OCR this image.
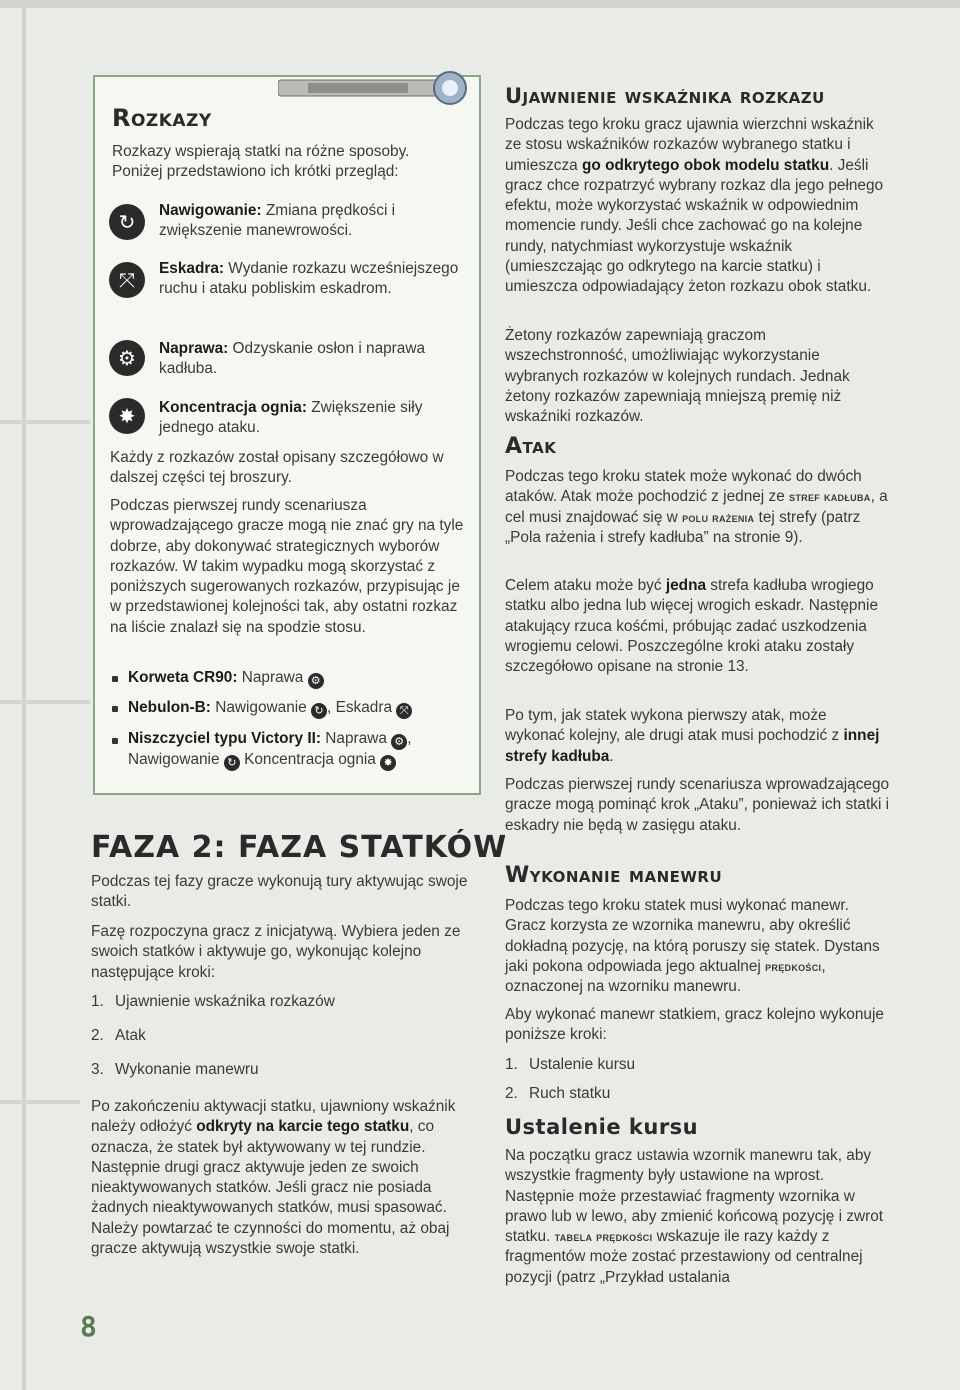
Rozkazy
Rozkazy wspierają statki na różne sposoby. Poniżej przedstawiono ich krótki przegląd:
↻	Nawigowanie: Zmiana prędkości i zwiększenie manewrowości.
⤧	Eskadra: Wydanie rozkazu wcześniejszego ruchu i ataku pobliskim eskadrom.
⚙	Naprawa: Odzyskanie osłon i naprawa kadłuba.
✸	Koncentracja ognia: Zwiększenie siły jednego ataku.
Każdy z rozkazów został opisany szczegółowo w dalszej części tej broszury.
Podczas pierwszej rundy scenariusza wprowadzającego gracze mogą nie znać gry na tyle dobrze, aby dokonywać strategicznych wyborów rozkazów. W takim wypadku mogą skorzystać z poniższych sugerowanych rozkazów, przypisując je w przedstawionej kolejności tak, aby ostatni rozkaz na liście znalazł się na spodzie stosu.
Korweta CR90: Naprawa ⚙
Nebulon-B: Nawigowanie ↻ , Eskadra ⤧
Niszczyciel typu Victory II: Naprawa ⚙ , Nawigowanie ↻ Koncentracja ognia ✸
FAZA 2: FAZA STATKÓW
Podczas tej fazy gracze wykonują tury aktywując swoje statki.
Fazę rozpoczyna gracz z inicjatywą. Wybiera jeden ze swoich statków i aktywuje go, wykonując kolejno następujące kroki:
1. Ujawnienie wskaźnika rozkazów
2. Atak
3. Wykonanie manewru
Po zakończeniu aktywacji statku, ujawniony wskaźnik należy odłożyć odkryty na karcie tego statku, co oznacza, że statek był aktywowany w tej rundzie. Następnie drugi gracz aktywuje jeden ze swoich nieaktywowanych statków. Jeśli gracz nie posiada żadnych nieaktywowanych statków, musi spasować. Należy powtarzać te czynności do momentu, aż obaj gracze aktywują wszystkie swoje statki.
8
Ujawnienie wskaźnika rozkazu
Podczas tego kroku gracz ujawnia wierzchni wskaźnik ze stosu wskaźników rozkazów wybranego statku i umieszcza go odkrytego obok modelu statku. Jeśli gracz chce rozpatrzyć wybrany rozkaz dla jego pełnego efektu, może wykorzystać wskaźnik w odpowiednim momencie rundy. Jeśli chce zachować go na kolejne rundy, natychmiast wykorzystuje wskaźnik (umieszczając go odkrytego na karcie statku) i umieszcza odpowiadający żeton rozkazu obok statku.
Żetony rozkazów zapewniają graczom wszechstronność, umożliwiając wykorzystanie wybranych rozkazów w kolejnych rundach. Jednak żetony rozkazów zapewniają mniejszą premię niż wskaźniki rozkazów.
Atak
Podczas tego kroku statek może wykonać do dwóch ataków. Atak może pochodzić z jednej ze stref kadłuba, a cel musi znajdować się w polu rażenia tej strefy (patrz „Pola rażenia i strefy kadłuba” na stronie 9).
Celem ataku może być jedna strefa kadłuba wrogiego statku albo jedna lub więcej wrogich eskadr. Następnie atakujący rzuca kośćmi, próbując zadać uszkodzenia wrogiemu celowi. Poszczególne kroki ataku zostały szczegółowo opisane na stronie 13.
Po tym, jak statek wykona pierwszy atak, może wykonać kolejny, ale drugi atak musi pochodzić z innej strefy kadłuba.
Podczas pierwszej rundy scenariusza wprowadzającego gracze mogą pominąć krok „Ataku”, ponieważ ich statki i eskadry nie będą w zasięgu ataku.
Wykonanie manewru
Podczas tego kroku statek musi wykonać manewr. Gracz korzysta ze wzornika manewru, aby określić dokładną pozycję, na którą poruszy się statek. Dystans jaki pokona odpowiada jego aktualnej prędkości, oznaczonej na wzorniku manewru.
Aby wykonać manewr statkiem, gracz kolejno wykonuje poniższe kroki:
1. Ustalenie kursu
2. Ruch statku
Ustalenie kursu
Na początku gracz ustawia wzornik manewru tak, aby wszystkie fragmenty były ustawione na wprost. Następnie może przestawiać fragmenty wzornika w prawo lub w lewo, aby zmienić końcową pozycję i zwrot statku. tabela prędkości wskazuje ile razy każdy z fragmentów może zostać przestawiony od centralnej pozycji (patrz „Przykład ustalania
